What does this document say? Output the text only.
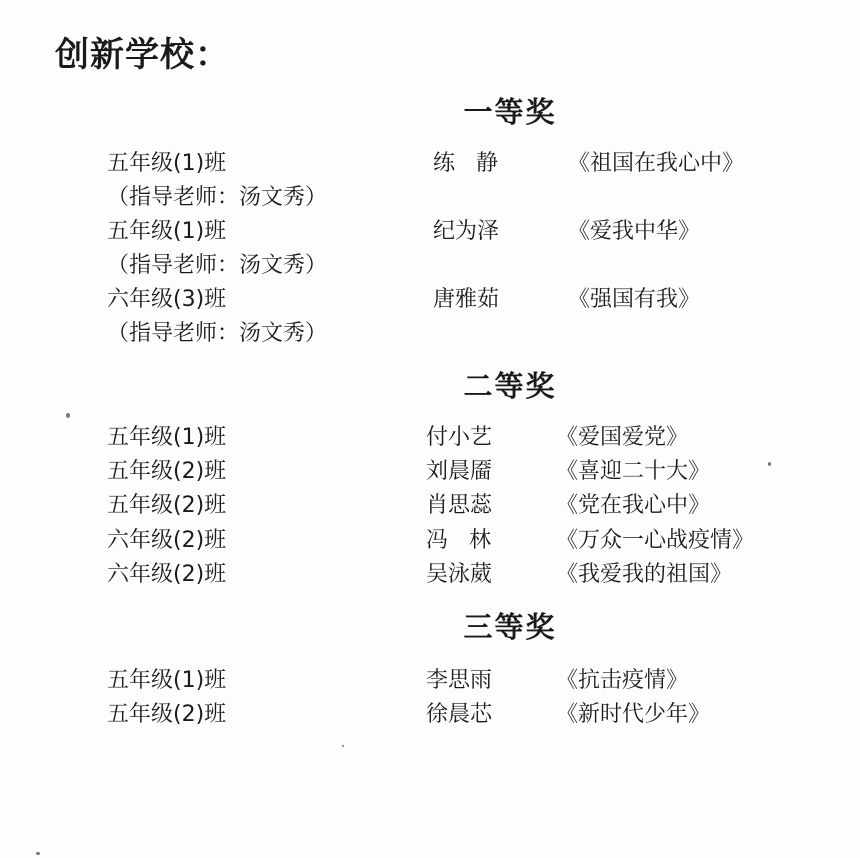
创新学校：
一等奖
五年级(1)班	练静 《祖国在我心中》
（指导老师：汤文秀）
五年级(1)班	纪为泽	《爱我中华》
（指导老师：汤文秀）
六年级(3)班	唐雅茹	《强国有我》
（指导老师：汤文秀）
二等奖
五年级(1)班	付小艺	《爱国爱党》
五年级(2)班	刘晨靥	《喜迎二十大》
五年级(2)班	肖思蕊	《党在我心中》
六年级(2)班	冯林 《万众一心战疫情》
六年级(2)班	吴泳葳	《我爱我的祖国》
三等奖
五年级(1)班	李思雨	《抗击疫情》
五年级(2)班	徐晨芯	《新时代少年》
